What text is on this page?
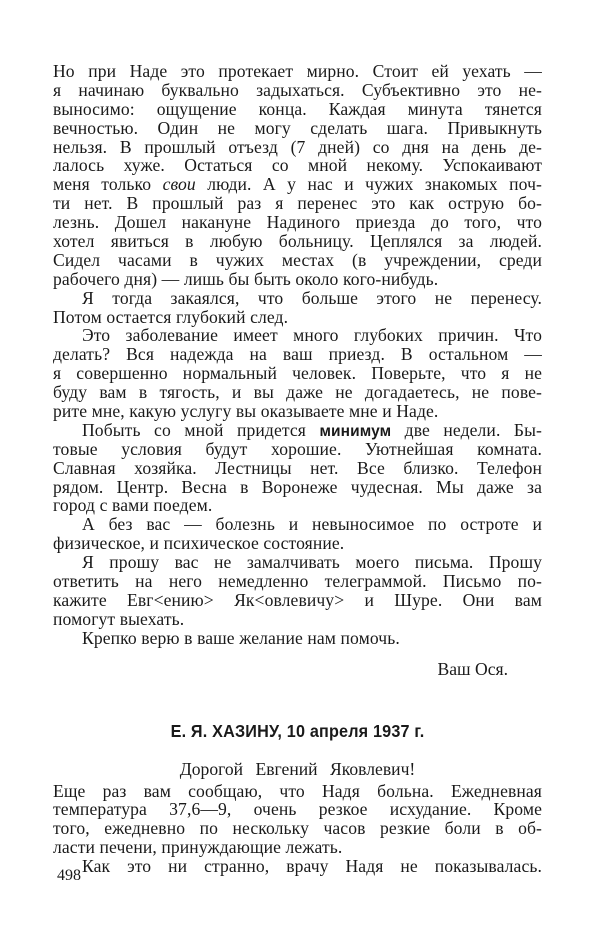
Но при Наде это протекает мирно. Стоит ей уехать —
я начинаю буквально задыхаться. Субъективно это не-
выносимо: ощущение конца. Каждая минута тянется
вечностью. Один не могу сделать шага. Привыкнуть
нельзя. В прошлый отъезд (7 дней) со дня на день де-
лалось хуже. Остаться со мной некому. Успокаивают
меня только свои люди. А у нас и чужих знакомых поч-
ти нет. В прошлый раз я перенес это как острую бо-
лезнь. Дошел накануне Надиного приезда до того, что
хотел явиться в любую больницу. Цеплялся за людей.
Сидел часами в чужих местах (в учреждении, среди
рабочего дня) — лишь бы быть около кого-нибудь.
Я тогда закаялся, что больше этого не перенесу.
Потом остается глубокий след.
Это заболевание имеет много глубоких причин. Что
делать? Вся надежда на ваш приезд. В остальном —
я совершенно нормальный человек. Поверьте, что я не
буду вам в тягость, и вы даже не догадаетесь, не пове-
рите мне, какую услугу вы оказываете мне и Наде.
Побыть со мной придется минимум две недели. Бы-
товые условия будут хорошие. Уютнейшая комната.
Славная хозяйка. Лестницы нет. Все близко. Телефон
рядом. Центр. Весна в Воронеже чудесная. Мы даже за
город с вами поедем.
А без вас — болезнь и невыносимое по остроте и
физическое, и психическое состояние.
Я прошу вас не замалчивать моего письма. Прошу
ответить на него немедленно телеграммой. Письмо по-
кажите Евг<ению> Як<овлевичу> и Шуре. Они вам
помогут выехать.
Крепко верю в ваше желание нам помочь.
Ваш Ося.
Е. Я. ХАЗИНУ, 10 апреля 1937 г.
Дорогой Евгений Яковлевич!
Еще раз вам сообщаю, что Надя больна. Ежедневная
температура 37,6—9, очень резкое исхудание. Кроме
того, ежедневно по нескольку часов резкие боли в об-
ласти печени, принуждающие лежать.
Как это ни странно, врачу Надя не показывалась.
498
